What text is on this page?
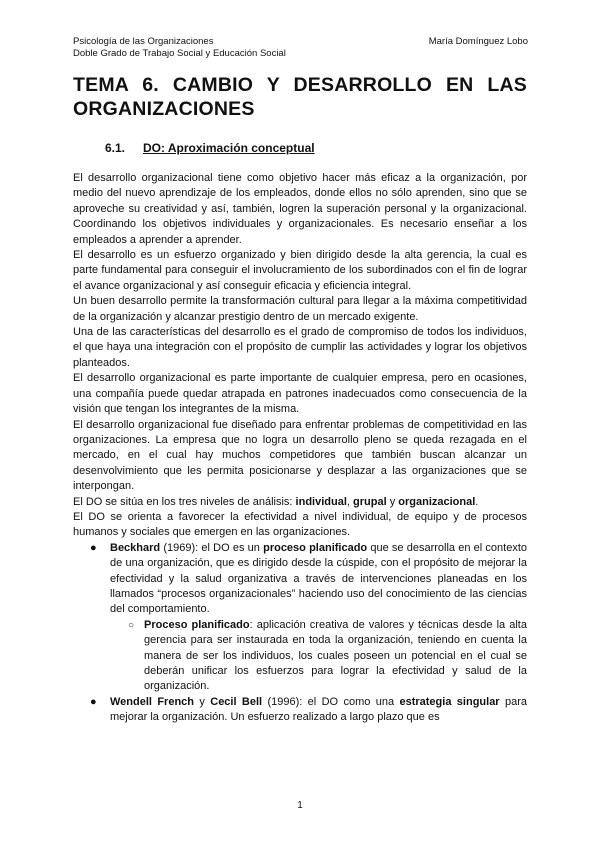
Psicología de las Organizaciones
Doble Grado de Trabajo Social y Educación Social
María Domínguez Lobo
TEMA 6. CAMBIO Y DESARROLLO EN LAS ORGANIZACIONES
6.1. DO: Aproximación conceptual

El desarrollo organizacional tiene como objetivo hacer más eficaz a la organización, por medio del nuevo aprendizaje de los empleados, donde ellos no sólo aprenden, sino que se aproveche su creatividad y así, también, logren la superación personal y la organizacional. Coordinando los objetivos individuales y organizacionales. Es necesario enseñar a los empleados a aprender a aprender.

El desarrollo es un esfuerzo organizado y bien dirigido desde la alta gerencia, la cual es parte fundamental para conseguir el involucramiento de los subordinados con el fin de lograr el avance organizacional y así conseguir eficacia y eficiencia integral.

Un buen desarrollo permite la transformación cultural para llegar a la máxima competitividad de la organización y alcanzar prestigio dentro de un mercado exigente.

Una de las características del desarrollo es el grado de compromiso de todos los individuos, el que haya una integración con el propósito de cumplir las actividades y lograr los objetivos planteados.

El desarrollo organizacional es parte importante de cualquier empresa, pero en ocasiones, una compañía puede quedar atrapada en patrones inadecuados como consecuencia de la visión que tengan los integrantes de la misma.

El desarrollo organizacional fue diseñado para enfrentar problemas de competitividad en las organizaciones. La empresa que no logra un desarrollo pleno se queda rezagada en el mercado, en el cual hay muchos competidores que también buscan alcanzar un desenvolvimiento que les permita posicionarse y desplazar a las organizaciones que se interpongan.

El DO se sitúa en los tres niveles de análisis: individual, grupal y organizacional.

El DO se orienta a favorecer la efectividad a nivel individual, de equipo y de procesos humanos y sociales que emergen en las organizaciones.

● Beckhard (1969): el DO es un proceso planificado que se desarrolla en el contexto de una organización, que es dirigido desde la cúspide, con el propósito de mejorar la efectividad y la salud organizativa a través de intervenciones planeadas en los llamados “procesos organizacionales” haciendo uso del conocimiento de las ciencias del comportamiento.
○ Proceso planificado: aplicación creativa de valores y técnicas desde la alta gerencia para ser instaurada en toda la organización, teniendo en cuenta la manera de ser los individuos, los cuales poseen un potencial en el cual se deberán unificar los esfuerzos para lograr la efectividad y salud de la organización.
● Wendell French y Cecil Bell (1996): el DO como una estrategia singular para mejorar la organización. Un esfuerzo realizado a largo plazo que es
1
